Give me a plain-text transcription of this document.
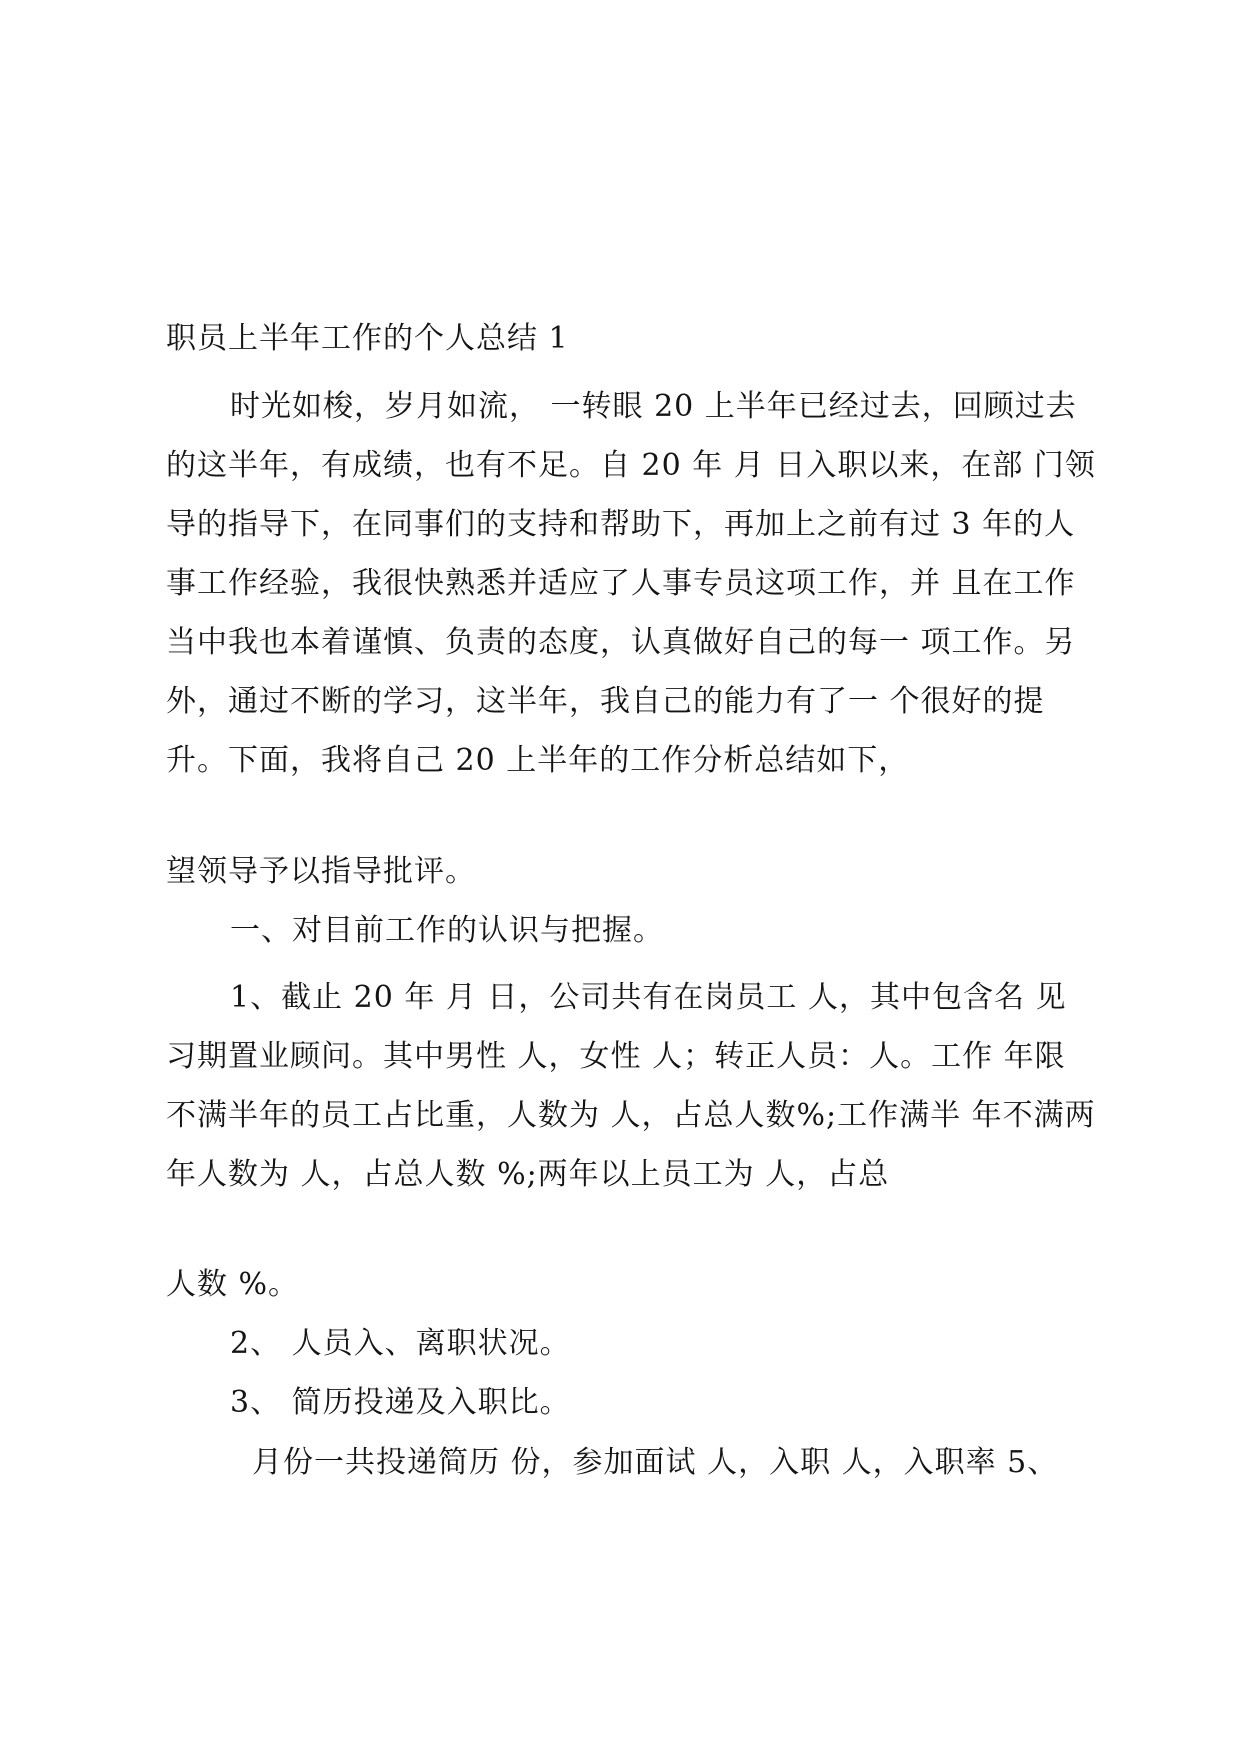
职员上半年工作的个人总结 1

时光如梭，岁月如流， 一转眼 20 上半年已经过去，回顾过去 的这半年，有成绩，也有不足。自 20 年 月 日入职以来，在部 门领导的指导下，在同事们的支持和帮助下，再加上之前有过 3 年的人事工作经验，我很快熟悉并适应了人事专员这项工作，并 且在工作当中我也本着谨慎、负责的态度，认真做好自己的每一 项工作。另外，通过不断的学习，这半年，我自己的能力有了一 个很好的提升。下面，我将自己 20 上半年的工作分析总结如下，

望领导予以指导批评。

一、对目前工作的认识与把握。

1、截止 20 年 月 日，公司共有在岗员工 人，其中包含名 见习期置业顾问。其中男性 人，女性 人；转正人员：人。工作 年限不满半年的员工占比重，人数为 人，占总人数%;工作满半 年不满两年人数为 人，占总人数 %;两年以上员工为 人，占总

人数 %。

2、 人员入、离职状况。

3、 简历投递及入职比。

月份一共投递简历 份，参加面试 人，入职 人，入职率 5、
